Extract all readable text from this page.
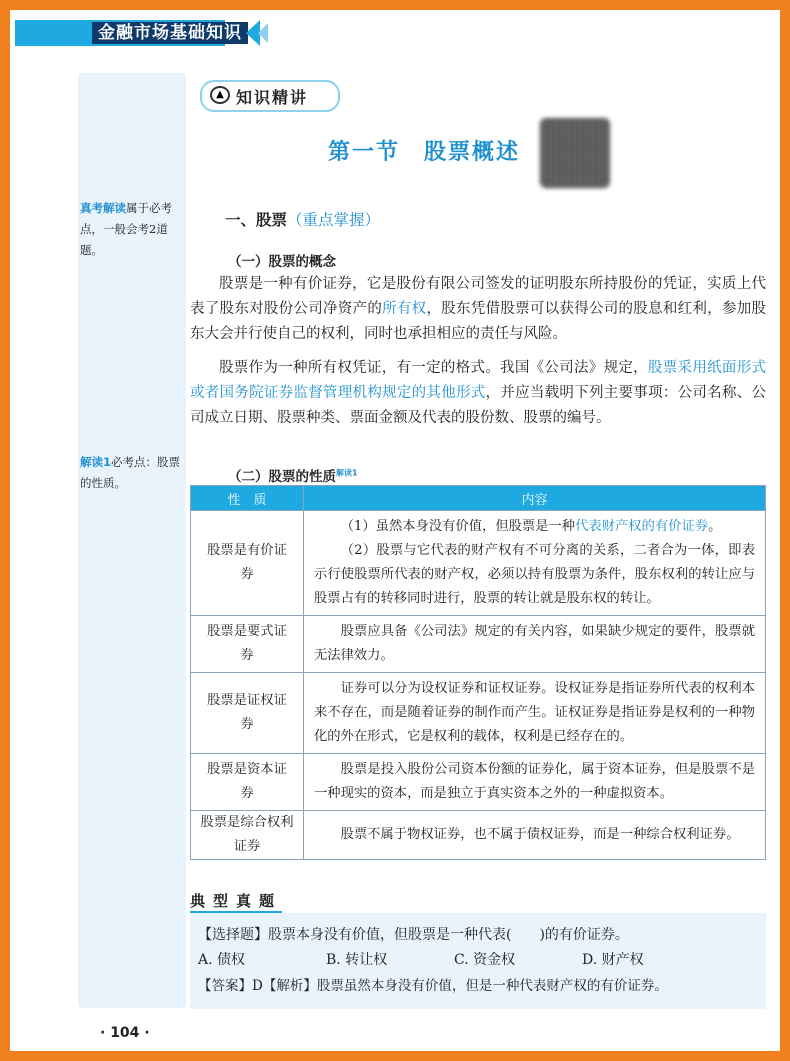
金融市场基础知识
真考解读属于必考点，一般会考2道题。
解读1必考点：股票的性质。
▲ 知识精讲
第一节　股票概述
一、股票（重点掌握）
（一）股票的概念
股票是一种有价证券，它是股份有限公司签发的证明股东所持股份的凭证，实质上代表了股东对股份公司净资产的所有权，股东凭借股票可以获得公司的股息和红利，参加股东大会并行使自己的权利，同时也承担相应的责任与风险。
股票作为一种所有权凭证，有一定的格式。我国《公司法》规定，股票采用纸面形式或者国务院证券监督管理机构规定的其他形式，并应当载明下列主要事项：公司名称、公司成立日期、股票种类、票面金额及代表的股份数、股票的编号。
（二）股票的性质$^{解读1}$
性　质	内容
股票是有价证券	（1）虽然本身没有价值，但股票是一种代表财产权的有价证券。

（2）股票与它代表的财产权有不可分离的关系，二者合为一体，即表示行使股票所代表的财产权，必须以持有股票为条件，股东权利的转让应与股票占有的转移同时进行，股票的转让就是股东权的转让。

股票是要式证券	股票应具备《公司法》规定的有关内容，如果缺少规定的要件，股票就无法律效力。

股票是证权证券	证券可以分为设权证券和证权证券。设权证券是指证券所代表的权利本来不存在，而是随着证券的制作而产生。证权证券是指证券是权利的一种物化的外在形式，它是权利的载体，权利是已经存在的。

股票是资本证券	股票是投入股份公司资本份额的证券化，属于资本证券，但是股票不是一种现实的资本，而是独立于真实资本之外的一种虚拟资本。

股票是综合权利证券	股票不属于物权证券，也不属于债权证券，而是一种综合权利证券。

典型真题
【选择题】股票本身没有价值，但股票是一种代表(　　)的有价证券。
A. 债权	B. 转让权	C. 资金权	D. 财产权
【答案】D【解析】股票虽然本身没有价值，但是一种代表财产权的有价证券。
· 104 ·
